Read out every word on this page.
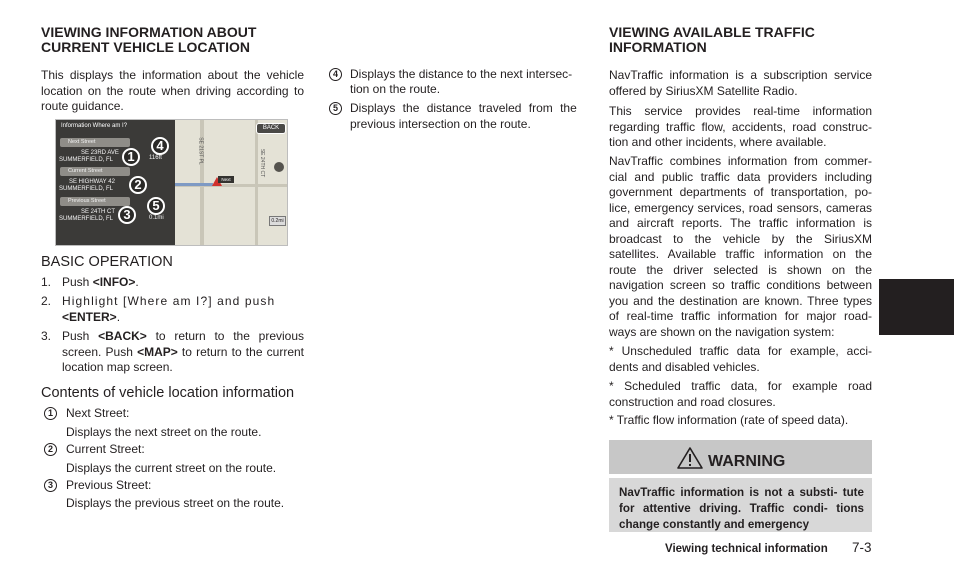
VIEWING INFORMATION ABOUT
CURRENT VEHICLE LOCATION
This displays the information about the vehicle location on the route when driving according to route guidance.
Information Where am I?
Next Street
SE 23RD AVE
SUMMERFIELD, FL	116ft
4
1
Current Street
SE HIGHWAY 42
SUMMERFIELD, FL	2
Previous Street
SE 24TH CT
SUMMERFIELD, FL	0.1mi
5
3
SE 21ST PL	SE 24TH CT
Next
BACK
0.2mi
BASIC OPERATION
1. Push <INFO>.
2. Highlight [Where am I?] and push
<ENTER>.
3. Push <BACK> to return to the previous screen. Push <MAP> to return to the current location map screen.
Contents of vehicle location information
1	Next Street:
Displays the next street on the route.
2	Current Street:
Displays the current street on the route.
3	Previous Street:
Displays the previous street on the route.
4	Displays the distance to the next intersec-
tion on the route.
5	Displays the distance traveled from the
previous intersection on the route.
VIEWING AVAILABLE TRAFFIC
INFORMATION
NavTraffic information is a subscription service offered by SiriusXM Satellite Radio.
This service provides real-time information regarding traffic flow, accidents, road construc- tion and other incidents, where available.
NavTraffic combines information from commer- cial and public traffic data providers including government departments of transportation, po- lice, emergency services, road sensors, cameras and aircraft reports. The traffic information is broadcast to the vehicle by the SiriusXM satellites. Available traffic information on the route the driver selected is shown on the navigation screen so traffic conditions between you and the destination are known. Three types of real-time traffic information for major road- ways are shown on the navigation system:
* Unscheduled traffic data for example, acci- dents and disabled vehicles.
* Scheduled traffic data, for example road construction and road closures.
* Traffic flow information (rate of speed data).
WARNING
NavTraffic information is not a substi- tute for attentive driving. Traffic condi- tions change constantly and emergency
Viewing technical information 7-3
